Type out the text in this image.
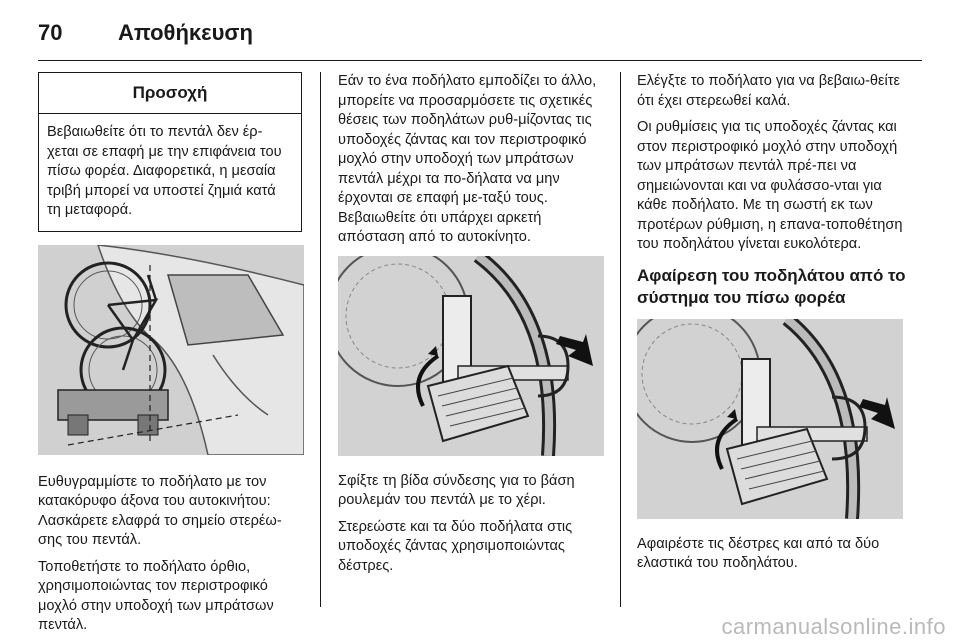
70	Αποθήκευση
Προσοχή
Βεβαιωθείτε ότι το πεντάλ δεν έρ-χεται σε επαφή με την επιφάνεια του πίσω φορέα. Διαφορετικά, η μεσαία τριβή μπορεί να υποστεί ζημιά κατά τη μεταφορά.

Ευθυγραμμίστε το ποδήλατο με τον κατακόρυφο άξονα του αυτοκινήτου: Λασκάρετε ελαφρά το σημείο στερέω-σης του πεντάλ.

Τοποθετήστε το ποδήλατο όρθιο, χρησιμοποιώντας τον περιστροφικό μοχλό στην υποδοχή των μπράτσων πεντάλ.

Εάν το ένα ποδήλατο εμποδίζει το άλλο, μπορείτε να προσαρμόσετε τις σχετικές θέσεις των ποδηλάτων ρυθ-μίζοντας τις υποδοχές ζάντας και τον περιστροφικό μοχλό στην υποδοχή των μπράτσων πεντάλ μέχρι τα πο-δήλατα να μην έρχονται σε επαφή με-ταξύ τους. Βεβαιωθείτε ότι υπάρχει αρκετή απόσταση από το αυτοκίνητο.

Σφίξτε τη βίδα σύνδεσης για το βάση ρουλεμάν του πεντάλ με το χέρι.

Στερεώστε και τα δύο ποδήλατα στις υποδοχές ζάντας χρησιμοποιώντας δέστρες.

Ελέγξτε το ποδήλατο για να βεβαιω-θείτε ότι έχει στερεωθεί καλά.

Οι ρυθμίσεις για τις υποδοχές ζάντας και στον περιστροφικό μοχλό στην υποδοχή των μπράτσων πεντάλ πρέ-πει να σημειώνονται και να φυλάσσο-νται για κάθε ποδήλατο. Με τη σωστή εκ των προτέρων ρύθμιση, η επανα-τοποθέτηση του ποδηλάτου γίνεται ευκολότερα.

Αφαίρεση του ποδηλάτου από το σύστημα του πίσω φορέα

Αφαιρέστε τις δέστρες και από τα δύο ελαστικά του ποδηλάτου.

carmanualsonline.info
